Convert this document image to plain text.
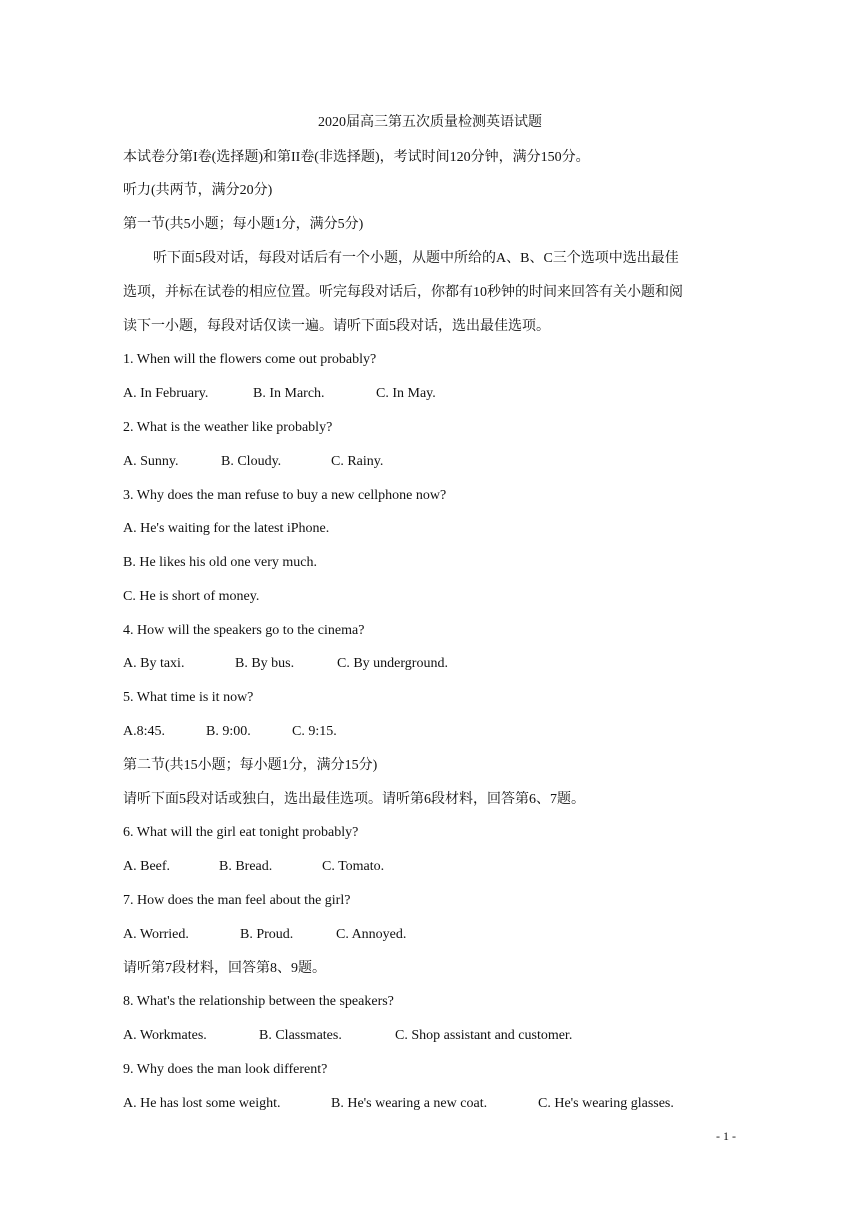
2020届高三第五次质量检测英语试题
本试卷分第I卷(选择题)和第II卷(非选择题)，考试时间120分钟，满分150分。
听力(共两节，满分20分)
第一节(共5小题；每小题1分，满分5分)
听下面5段对话，每段对话后有一个小题，从题中所给的A、B、C三个选项中选出最佳
选项，并标在试卷的相应位置。听完每段对话后，你都有10秒钟的时间来回答有关小题和阅
读下一小题，每段对话仅读一遍。请听下面5段对话，选出最佳选项。
1. When will the flowers come out probably?
A. In February.	B. In March.	C. In May.
2. What is the weather like probably?
A. Sunny.	B. Cloudy.	C. Rainy.
3. Why does the man refuse to buy a new cellphone now?
A. He's waiting for the latest iPhone.
B. He likes his old one very much.
C. He is short of money.
4. How will the speakers go to the cinema?
A. By taxi.	B. By bus.	C. By underground.
5. What time is it now?
A.8:45.	B. 9:00.	C. 9:15.
第二节(共15小题；每小题1分，满分15分)
请听下面5段对话或独白，选出最佳选项。请听第6段材料，回答第6、7题。
6. What will the girl eat tonight probably?
A. Beef.	B. Bread.	C. Tomato.
7. How does the man feel about the girl?
A. Worried.	B. Proud.	C. Annoyed.
请听第7段材料，回答第8、9题。
8. What's the relationship between the speakers?
A. Workmates.	B. Classmates.	C. Shop assistant and customer.
9. Why does the man look different?
A. He has lost some weight.	B. He's wearing a new coat.	C. He's wearing glasses.
- 1 -
